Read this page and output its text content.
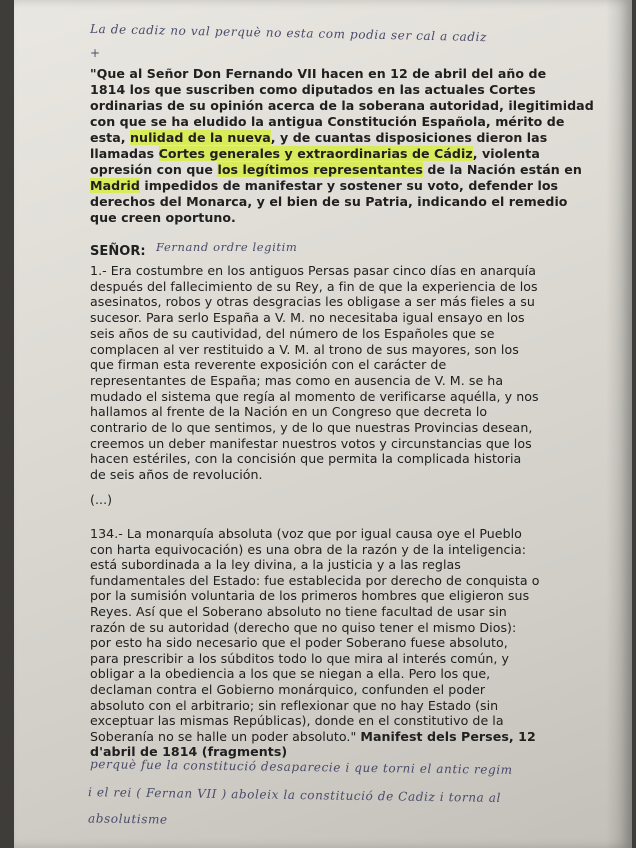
La de cadiz no val perquè no esta com podia ser cal a cadiz
+
"Que al Señor Don Fernando VII hacen en 12 de abril del año de
1814 los que suscriben como diputados en las actuales Cortes
ordinarias de su opinión acerca de la soberana autoridad, ilegitimidad
con que se ha eludido la antigua Constitución Española, mérito de
esta, nulidad de la nueva, y de cuantas disposiciones dieron las
llamadas Cortes generales y extraordinarias de Cádiz, violenta
opresión con que los legítimos representantes de la Nación están en
Madrid impedidos de manifestar y sostener su voto, defender los
derechos del Monarca, y el bien de su Patria, indicando el remedio
que creen oportuno.
SEÑOR: Fernand ordre legitim
1.- Era costumbre en los antiguos Persas pasar cinco días en anarquía
después del fallecimiento de su Rey, a fin de que la experiencia de los
asesinatos, robos y otras desgracias les obligase a ser más fieles a su
sucesor. Para serlo España a V. M. no necesitaba igual ensayo en los
seis años de su cautividad, del número de los Españoles que se
complacen al ver restituido a V. M. al trono de sus mayores, son los
que firman esta reverente exposición con el carácter de
representantes de España; mas como en ausencia de V. M. se ha
mudado el sistema que regía al momento de verificarse aquélla, y nos
hallamos al frente de la Nación en un Congreso que decreta lo
contrario de lo que sentimos, y de lo que nuestras Provincias desean,
creemos un deber manifestar nuestros votos y circunstancias que los
hacen estériles, con la concisión que permita la complicada historia
de seis años de revolución.
(...)
134.- La monarquía absoluta (voz que por igual causa oye el Pueblo
con harta equivocación) es una obra de la razón y de la inteligencia:
está subordinada a la ley divina, a la justicia y a las reglas
fundamentales del Estado: fue establecida por derecho de conquista o
por la sumisión voluntaria de los primeros hombres que eligieron sus
Reyes. Así que el Soberano absoluto no tiene facultad de usar sin
razón de su autoridad (derecho que no quiso tener el mismo Dios):
por esto ha sido necesario que el poder Soberano fuese absoluto,
para prescribir a los súbditos todo lo que mira al interés común, y
obligar a la obediencia a los que se niegan a ella. Pero los que,
declaman contra el Gobierno monárquico, confunden el poder
absoluto con el arbitrario; sin reflexionar que no hay Estado (sin
exceptuar las mismas Repúblicas), donde en el constitutivo de la
Soberanía no se halle un poder absoluto." Manifest dels Perses, 12
d'abril de 1814 (fragments)
perquè fue la constitució desaparecie i que torni el antic regim
i el rei ( Fernan VII ) aboleix la constitució de Cadiz i torna al
absolutisme
